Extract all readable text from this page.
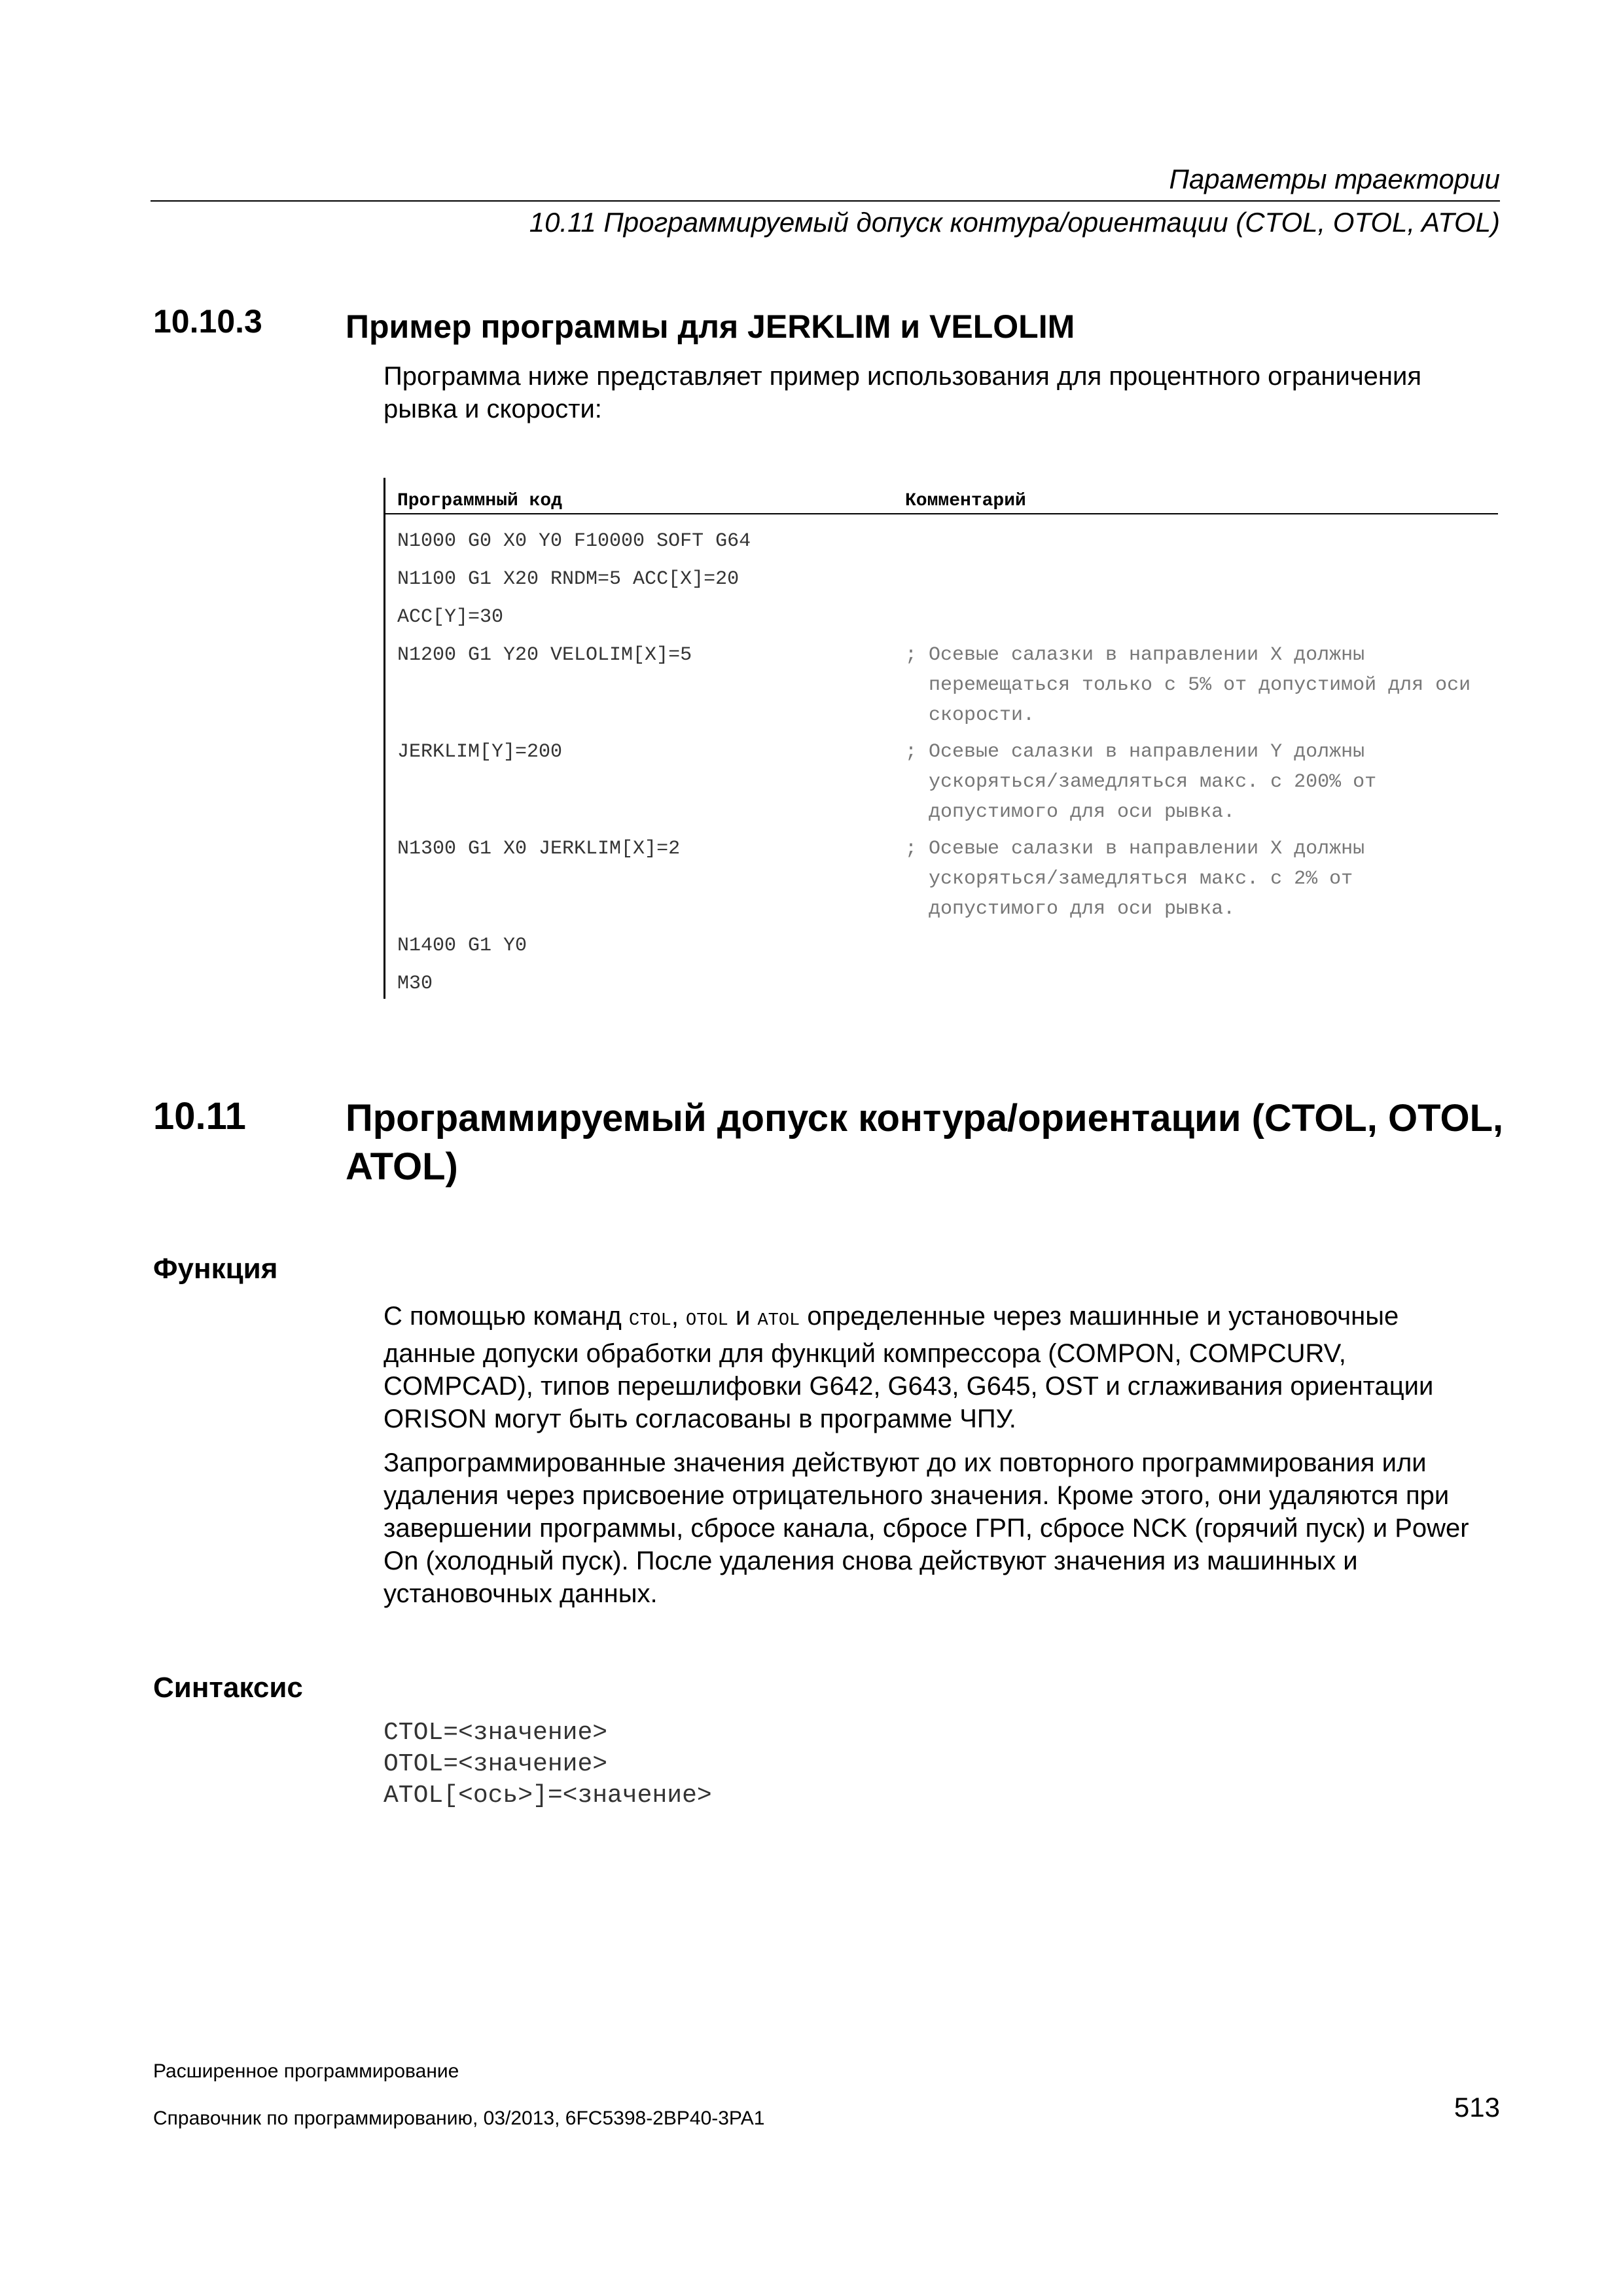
Параметры траектории
10.11 Программируемый допуск контура/ориентации (CTOL, OTOL, ATOL)
10.10.3	Пример программы для JERKLIM и VELOLIM
Программа ниже представляет пример использования для процентного ограничения рывка и скорости:
Программный код	Комментарий
N1000 G0 X0 Y0 F10000 SOFT G64
N1100 G1 X20 RNDM=5 ACC[X]=20
ACC[Y]=30
N1200 G1 Y20 VELOLIM[X]=5	; Осевые салазки в направлении X должны перемещаться только с 5% от допустимой для оси скорости.
JERKLIM[Y]=200	; Осевые салазки в направлении Y должны ускоряться/замедляться макс. с 200% от допустимого для оси рывка.
N1300 G1 X0 JERKLIM[X]=2	; Осевые салазки в направлении X должны ускоряться/замедляться макс. с 2% от допустимого для оси рывка.
N1400 G1 Y0
M30
10.11	Программируемый допуск контура/ориентации (CTOL, OTOL, ATOL)
Функция
С помощью команд CTOL, OTOL и ATOL определенные через машинные и установочные данные допуски обработки для функций компрессора (COMPON, COMPCURV, COMPCAD), типов перешлифовки G642, G643, G645, OST и сглаживания ориентации ORISON могут быть согласованы в программе ЧПУ.
Запрограммированные значения действуют до их повторного программирования или удаления через присвоение отрицательного значения. Кроме этого, они удаляются при завершении программы, сбросе канала, сбросе ГРП, сбросе NCK (горячий пуск) и Power On (холодный пуск). После удаления снова действуют значения из машинных и установочных данных.
Синтаксис
CTOL=<значение>
OTOL=<значение>
ATOL[<ось>]=<значение>
Расширенное программирование
Справочник по программированию, 03/2013, 6FC5398-2BP40-3PA1	513
